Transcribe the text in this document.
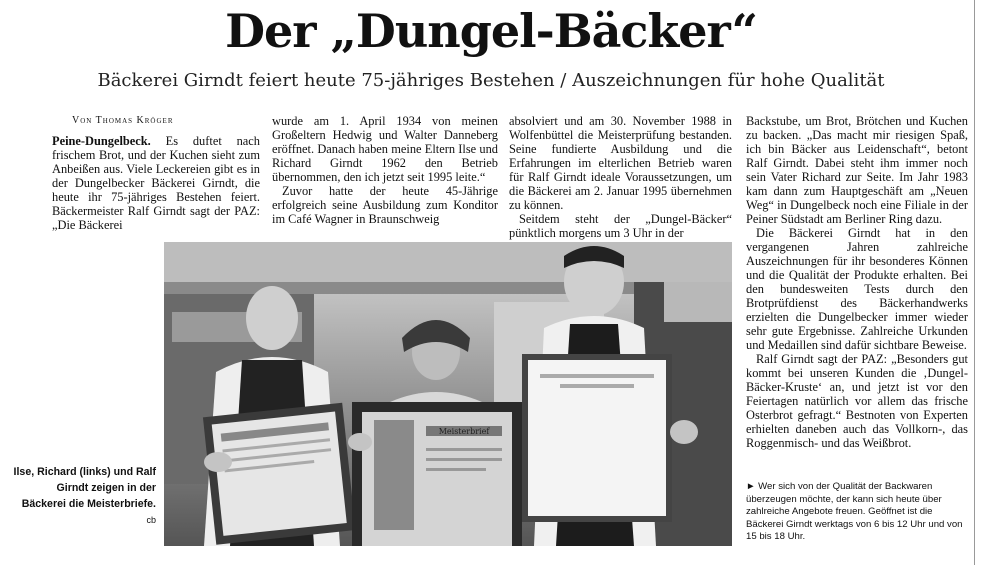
Der „Dungel-Bäcker“
Bäckerei Girndt feiert heute 75-jähriges Bestehen / Auszeichnungen für hohe Qualität
Von Thomas Kröger

Peine-Dungelbeck. Es duftet nach frischem Brot, und der Kuchen sieht zum Anbeißen aus. Viele Leckereien gibt es in der Dungelbecker Bäckerei Girndt, die heute ihr 75-jähriges Bestehen feiert. Bäckermeister Ralf Girndt sagt der PAZ: „Die Bäckerei

wurde am 1. April 1934 von meinen Großeltern Hedwig und Walter Danneberg eröffnet. Danach haben meine Eltern Ilse und Richard Girndt 1962 den Betrieb übernommen, den ich jetzt seit 1995 leite.“

Zuvor hatte der heute 45-Jährige erfolgreich seine Ausbildung zum Konditor im Café Wagner in Braunschweig

absolviert und am 30. November 1988 in Wolfenbüttel die Meisterprüfung bestanden. Seine fundierte Ausbildung und die Erfahrungen im elterlichen Betrieb waren für Ralf Girndt ideale Voraussetzungen, um die Bäckerei am 2. Januar 1995 übernehmen zu können.

Seitdem steht der „Dungel-Bäcker“ pünktlich morgens um 3 Uhr in der

Backstube, um Brot, Brötchen und Kuchen zu backen. „Das macht mir riesigen Spaß, ich bin Bäcker aus Leidenschaft“, betont Ralf Girndt. Dabei steht ihm immer noch sein Vater Richard zur Seite. Im Jahr 1983 kam dann zum Hauptgeschäft am „Neuen Weg“ in Dungelbeck noch eine Filiale in der Peiner Südstadt am Berliner Ring dazu.

Die Bäckerei Girndt hat in den vergangenen Jahren zahlreiche Auszeichnungen für ihr besonderes Können und die Qualität der Produkte erhalten. Bei den bundesweiten Tests durch den Brotprüfdienst des Bäckerhandwerks erzielten die Dungelbecker immer wieder sehr gute Ergebnisse. Zahlreiche Urkunden und Medaillen sind dafür sichtbare Beweise.

Ralf Girndt sagt der PAZ: „Besonders gut kommt bei unseren Kunden die ‚Dungel-Bäcker-Kruste‘ an, und jetzt ist vor den Feiertagen natürlich vor allem das frische Osterbrot gefragt.“ Bestnoten von Experten erhielten daneben auch das Vollkorn-, das Roggenmisch- und das Weißbrot.

► Wer sich von der Qualität der Backwaren überzeugen möchte, der kann sich heute über zahlreiche Angebote freuen. Geöffnet ist die Bäckerei Girndt werktags von 6 bis 12 Uhr und von 15 bis 18 Uhr.
Meisterbrief
Ilse, Richard (links) und Ralf Girndt zeigen in der Bäckerei die Meisterbriefe.
cb
